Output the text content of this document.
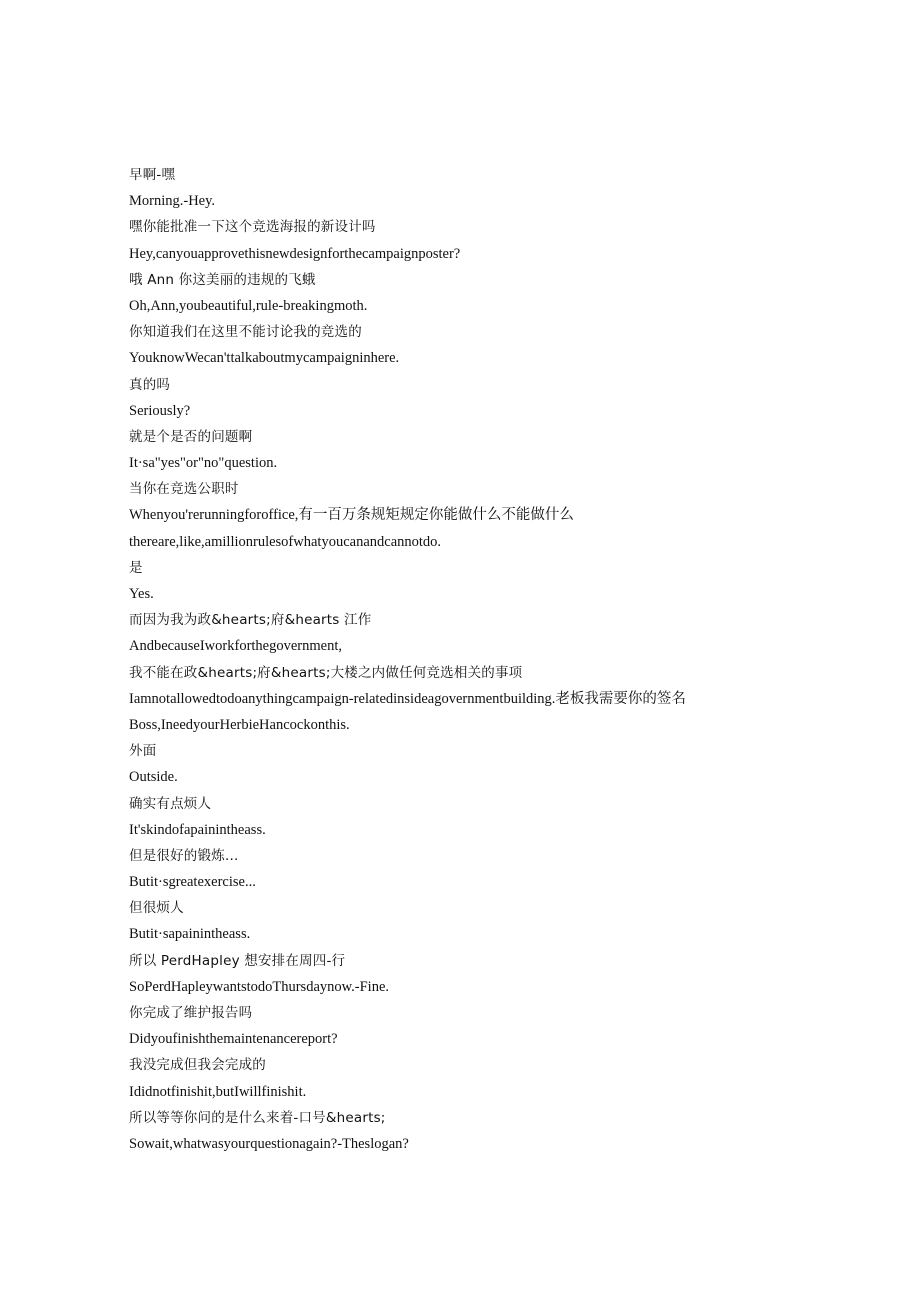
早啊-嘿
Morning.-Hey.
嘿你能批准一下这个竞选海报的新设计吗
Hey,canyouapprovethisnewdesignforthecampaignposter?
哦 Ann 你这美丽的违规的飞蛾
Oh,Ann,youbeautiful,rule-breakingmoth.
你知道我们在这里不能讨论我的竞选的
YouknowWecan'ttalkaboutmycampaigninhere.
真的吗
Seriously?
就是个是否的问题啊
It·sa"yes"or"no"question.
当你在竞选公职时
Whenyou'rerunningforoffice,有一百万条规矩规定你能做什么不能做什么
thereare,like,amillionrulesofwhatyoucanandcannotdo.
是
Yes.
而因为我为政&hearts;府&hearts 江作
AndbecauseIworkforthegovernment,
我不能在政&hearts;府&hearts;大楼之内做任何竞选相关的事项
Iamnotallowedtodoanythingcampaign-relatedinsideagovernmentbuilding.老板我需要你的签名
Boss,IneedyourHerbieHancockonthis.
外面
Outside.
确实有点烦人
It'skindofapainintheass.
但是很好的锻炼…
Butit·sgreatexercise...
但很烦人
Butit·sapainintheass.
所以 PerdHapley 想安排在周四-行
SoPerdHapleywantstodoThursdaynow.-Fine.
你完成了维护报告吗
Didyoufinishthemaintenancereport?
我没完成但我会完成的
Ididnotfinishit,butIwillfinishit.
所以等等你问的是什么来着-口号&hearts;
Sowait,whatwasyourquestionagain?-Theslogan?
